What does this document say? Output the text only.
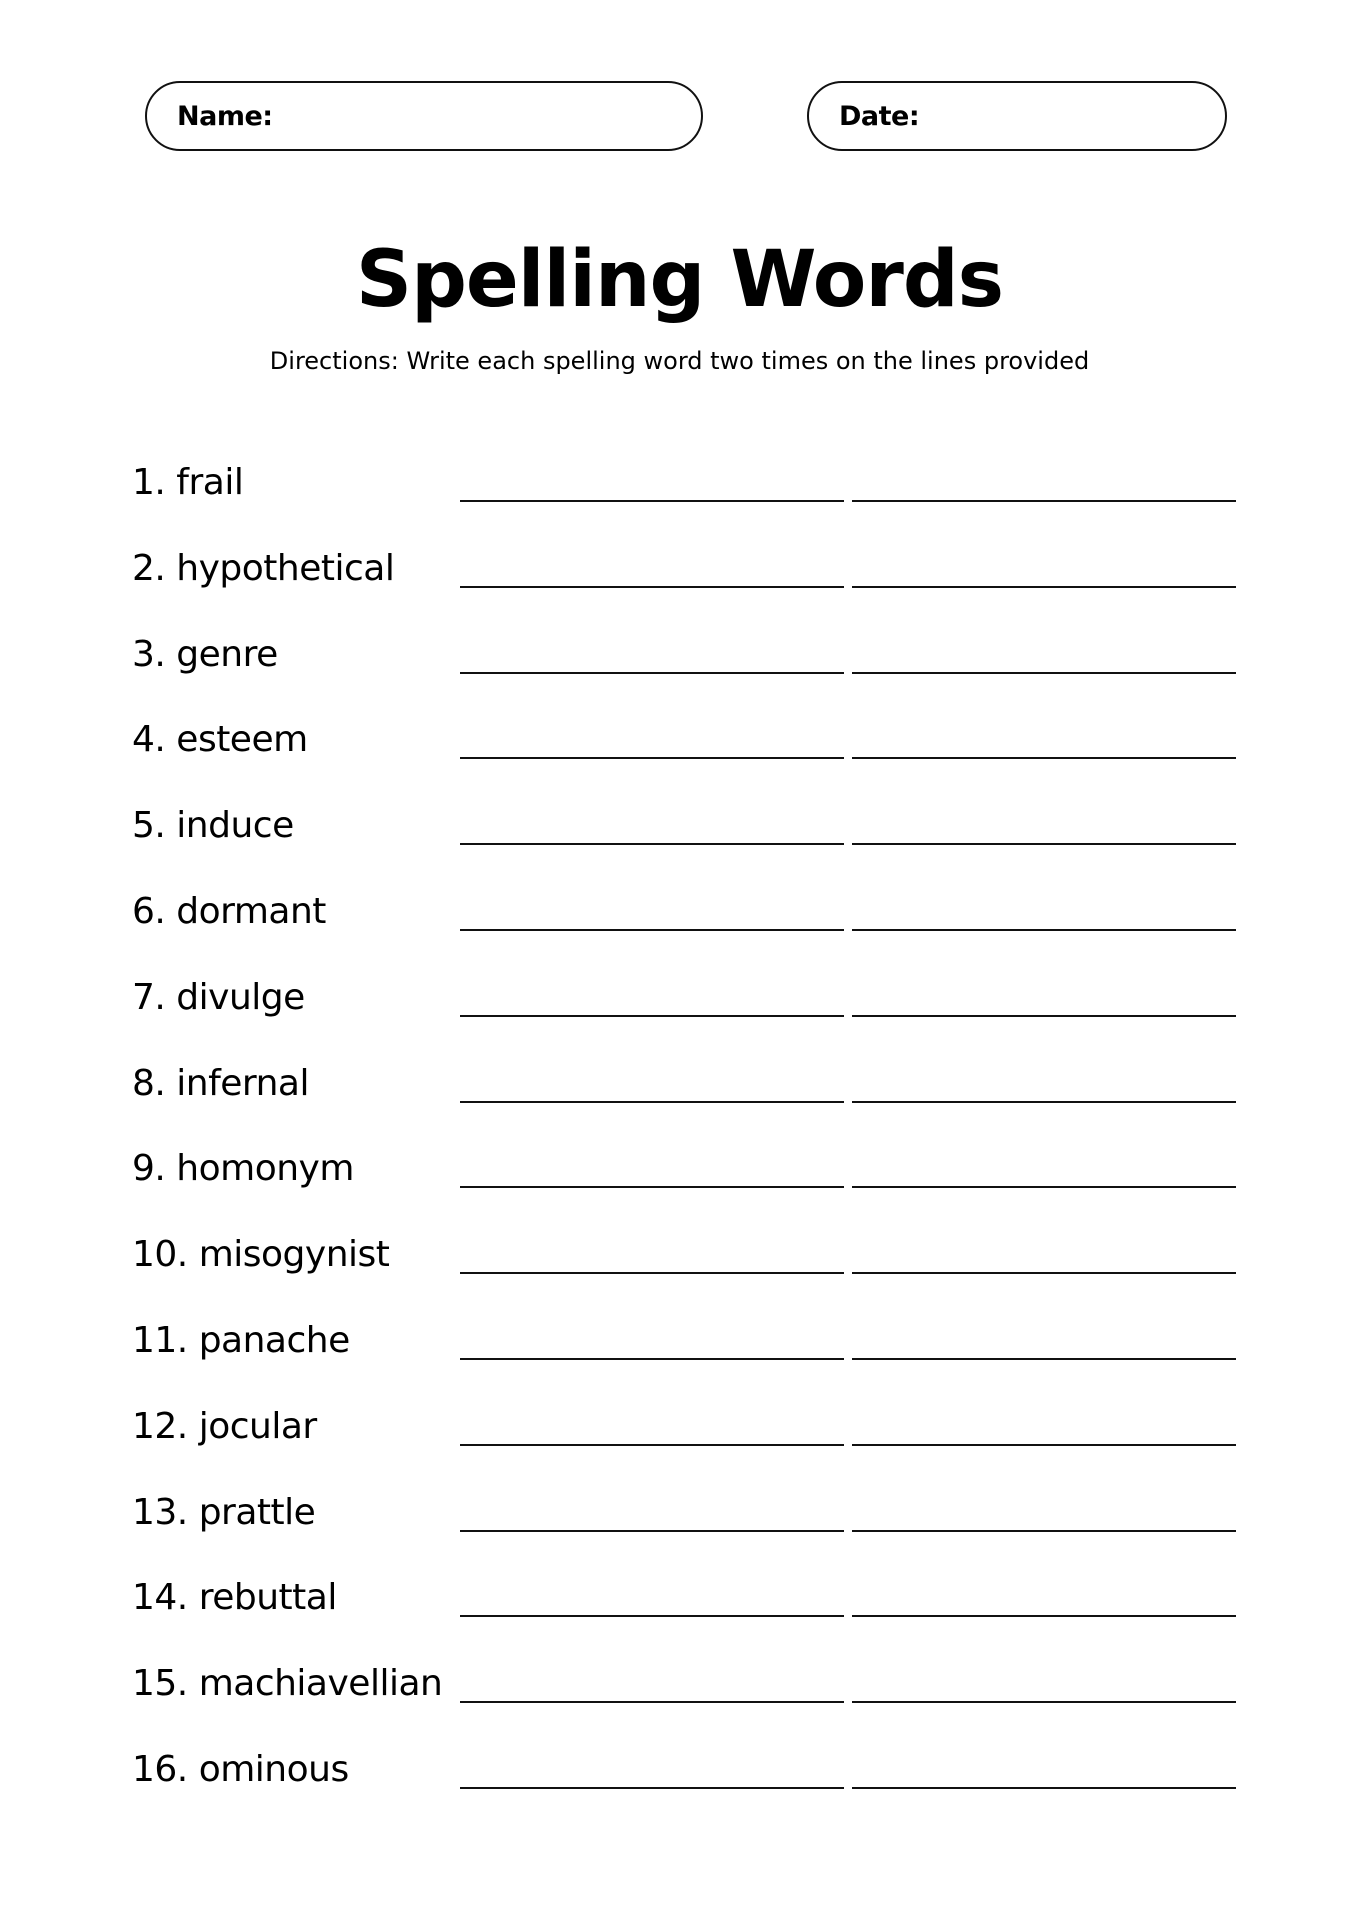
Name:	Date:
Spelling Words
Directions: Write each spelling word two times on the lines provided
1. frail
2. hypothetical
3. genre
4. esteem
5. induce
6. dormant
7. divulge
8. infernal
9. homonym
10. misogynist
11. panache
12. jocular
13. prattle
14. rebuttal
15. machiavellian
16. ominous
